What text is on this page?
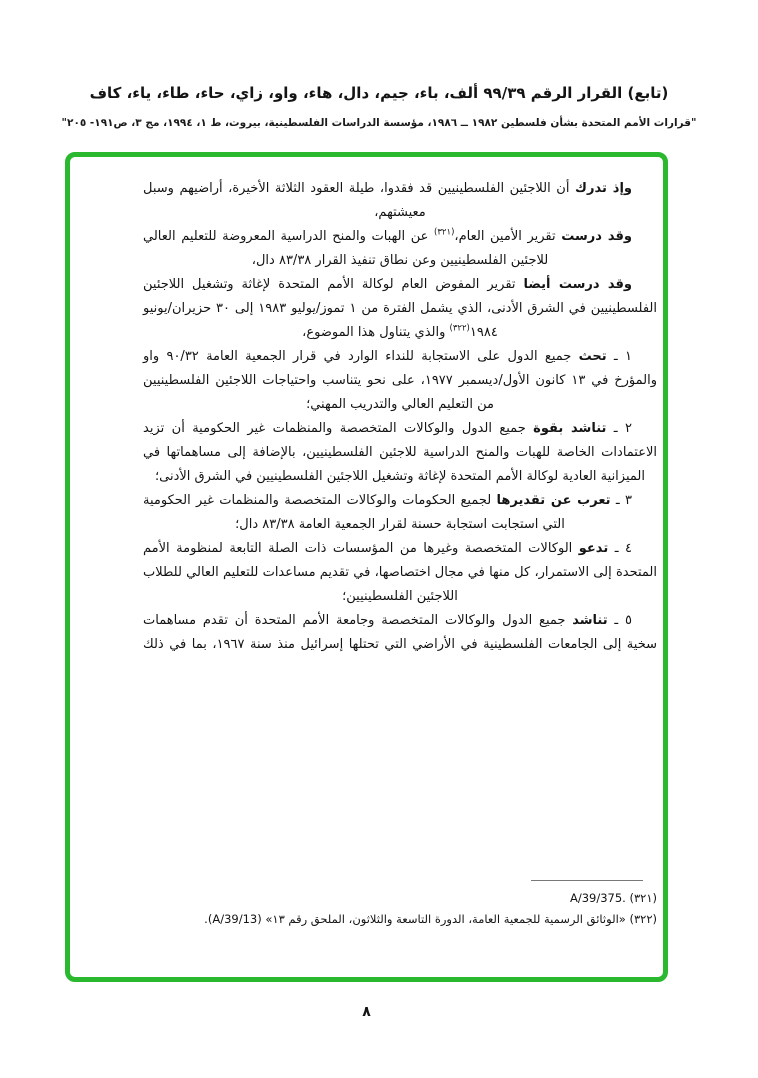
(تابع) القرار الرقم ٩٩/٣٩ ألف، باء، جيم، دال، هاء، واو، زاي، حاء، طاء، ياء، كاف
"قرارات الأمم المتحدة بشأن فلسطين ١٩٨٢ ــ ١٩٨٦، مؤسسة الدراسات الفلسطينية، بيروت، ط ١، ١٩٩٤، مج ٣، ص١٩١- ٢٠٥"

وإذ تدرك أن اللاجئين الفلسطينيين قد فقدوا، طيلة العقود الثلاثة الأخيرة، أراضيهم وسبل معيشتهم،

وقد درست تقرير الأمين العام،$^{(٣٢١)}$ عن الهبات والمنح الدراسية المعروضة للتعليم العالي للاجئين الفلسطينيين وعن نطاق تنفيذ القرار ٨٣/٣٨ دال،

وقد درست أيضا تقرير المفوض العام لوكالة الأمم المتحدة لإغاثة وتشغيل اللاجئين الفلسطينيين في الشرق الأدنى، الذي يشمل الفترة من ١ تموز/يوليو ١٩٨٣ إلى ٣٠ حزيران/يونيو ١٩٨٤$^{(٣٢٢)}$ والذي يتناول هذا الموضوع،

١ ـ تحث جميع الدول على الاستجابة للنداء الوارد في قرار الجمعية العامة ٩٠/٣٢ واو والمؤرخ في ١٣ كانون الأول/ديسمبر ١٩٧٧، على نحو يتناسب واحتياجات اللاجئين الفلسطينيين من التعليم العالي والتدريب المهني؛

٢ ـ تناشد بقوة جميع الدول والوكالات المتخصصة والمنظمات غير الحكومية أن تزيد الاعتمادات الخاصة للهبات والمنح الدراسية للاجئين الفلسطينيين، بالإضافة إلى مساهماتها في الميزانية العادية لوكالة الأمم المتحدة لإغاثة وتشغيل اللاجئين الفلسطينيين في الشرق الأدنى؛

٣ ـ تعرب عن تقديرها لجميع الحكومات والوكالات المتخصصة والمنظمات غير الحكومية التي استجابت استجابة حسنة لقرار الجمعية العامة ٨٣/٣٨ دال؛

٤ ـ تدعو الوكالات المتخصصة وغيرها من المؤسسات ذات الصلة التابعة لمنظومة الأمم المتحدة إلى الاستمرار، كل منها في مجال اختصاصها، في تقديم مساعدات للتعليم العالي للطلاب اللاجئين الفلسطينيين؛

٥ ـ تناشد جميع الدول والوكالات المتخصصة وجامعة الأمم المتحدة أن تقدم مساهمات سخية إلى الجامعات الفلسطينية في الأراضي التي تحتلها إسرائيل منذ سنة ١٩٦٧، بما في ذلك

(٣٢١) A/39/375.

(٣٢٢) «الوثائق الرسمية للجمعية العامة، الدورة التاسعة والثلاثون، الملحق رقم ١٣» (A/39/13).

٨
